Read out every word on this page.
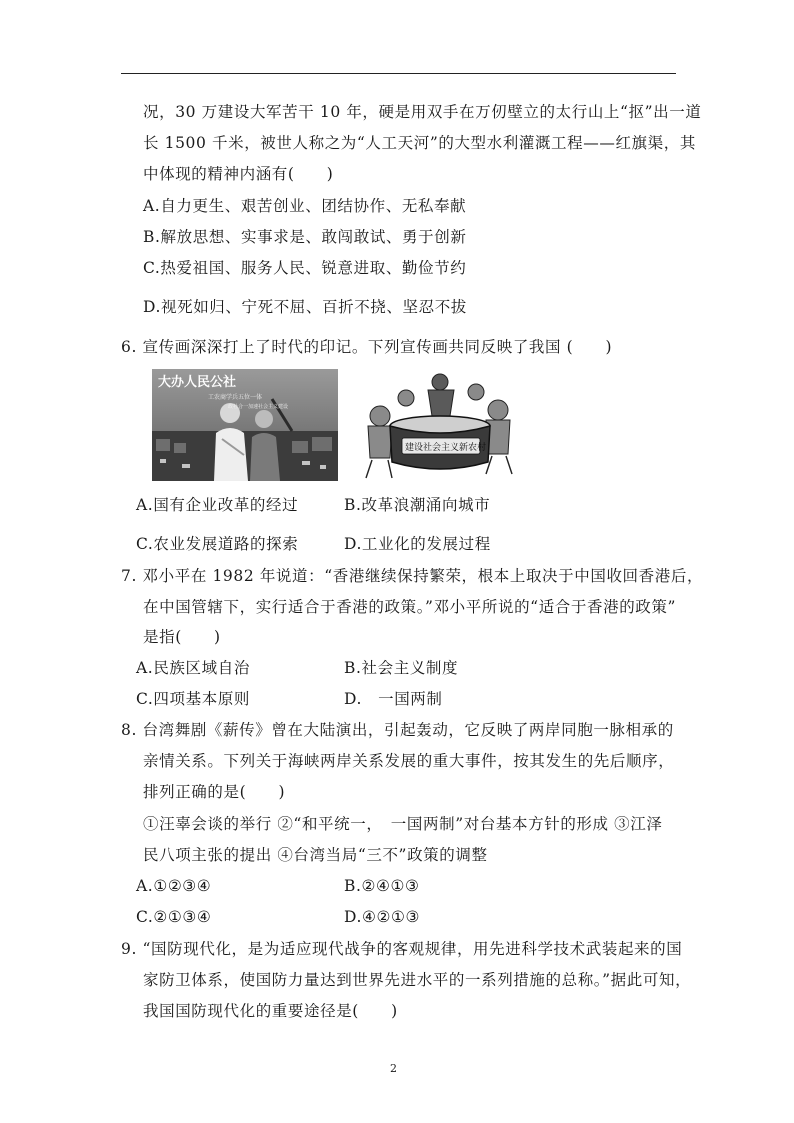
况，30 万建设大军苦干 10 年，硬是用双手在万仞壁立的太行山上“抠”出一道
长 1500 千米，被世人称之为“人工天河”的大型水利灌溉工程——红旗渠，其
中体现的精神内涵有(　　)
A.自力更生、艰苦创业、团结协作、无私奉献
B.解放思想、实事求是、敢闯敢试、勇于创新
C.热爱祖国、服务人民、锐意进取、勤俭节约
D.视死如归、宁死不屈、百折不挠、坚忍不拔
6. 宣传画深深打上了时代的印记。下列宣传画共同反映了我国 (　　)
大办人民公社
工农商学兵五位一体
政社合一加速社会主义建设
建设社会主义新农村
A.国有企业改革的经过	B.改革浪潮涌向城市
C.农业发展道路的探索	D.工业化的发展过程
7. 邓小平在 1982 年说道：“香港继续保持繁荣，根本上取决于中国收回香港后，
在中国管辖下，实行适合于香港的政策。”邓小平所说的“适合于香港的政策”
是指(　　)
A.民族区域自治	B.社会主义制度
C.四项基本原则	D.　一国两制
8. 台湾舞剧《薪传》曾在大陆演出，引起轰动，它反映了两岸同胞一脉相承的
亲情关系。下列关于海峡两岸关系发展的重大事件，按其发生的先后顺序，
排列正确的是(　　)
①汪辜会谈的举行 ②“和平统一，　一国两制”对台基本方针的形成 ③江泽
民八项主张的提出 ④台湾当局“三不”政策的调整
A.①②③④	B.②④①③
C.②①③④	D.④②①③
9. “国防现代化，是为适应现代战争的客观规律，用先进科学技术武装起来的国
家防卫体系，使国防力量达到世界先进水平的一系列措施的总称。”据此可知，
我国国防现代化的重要途径是(　　)
2
